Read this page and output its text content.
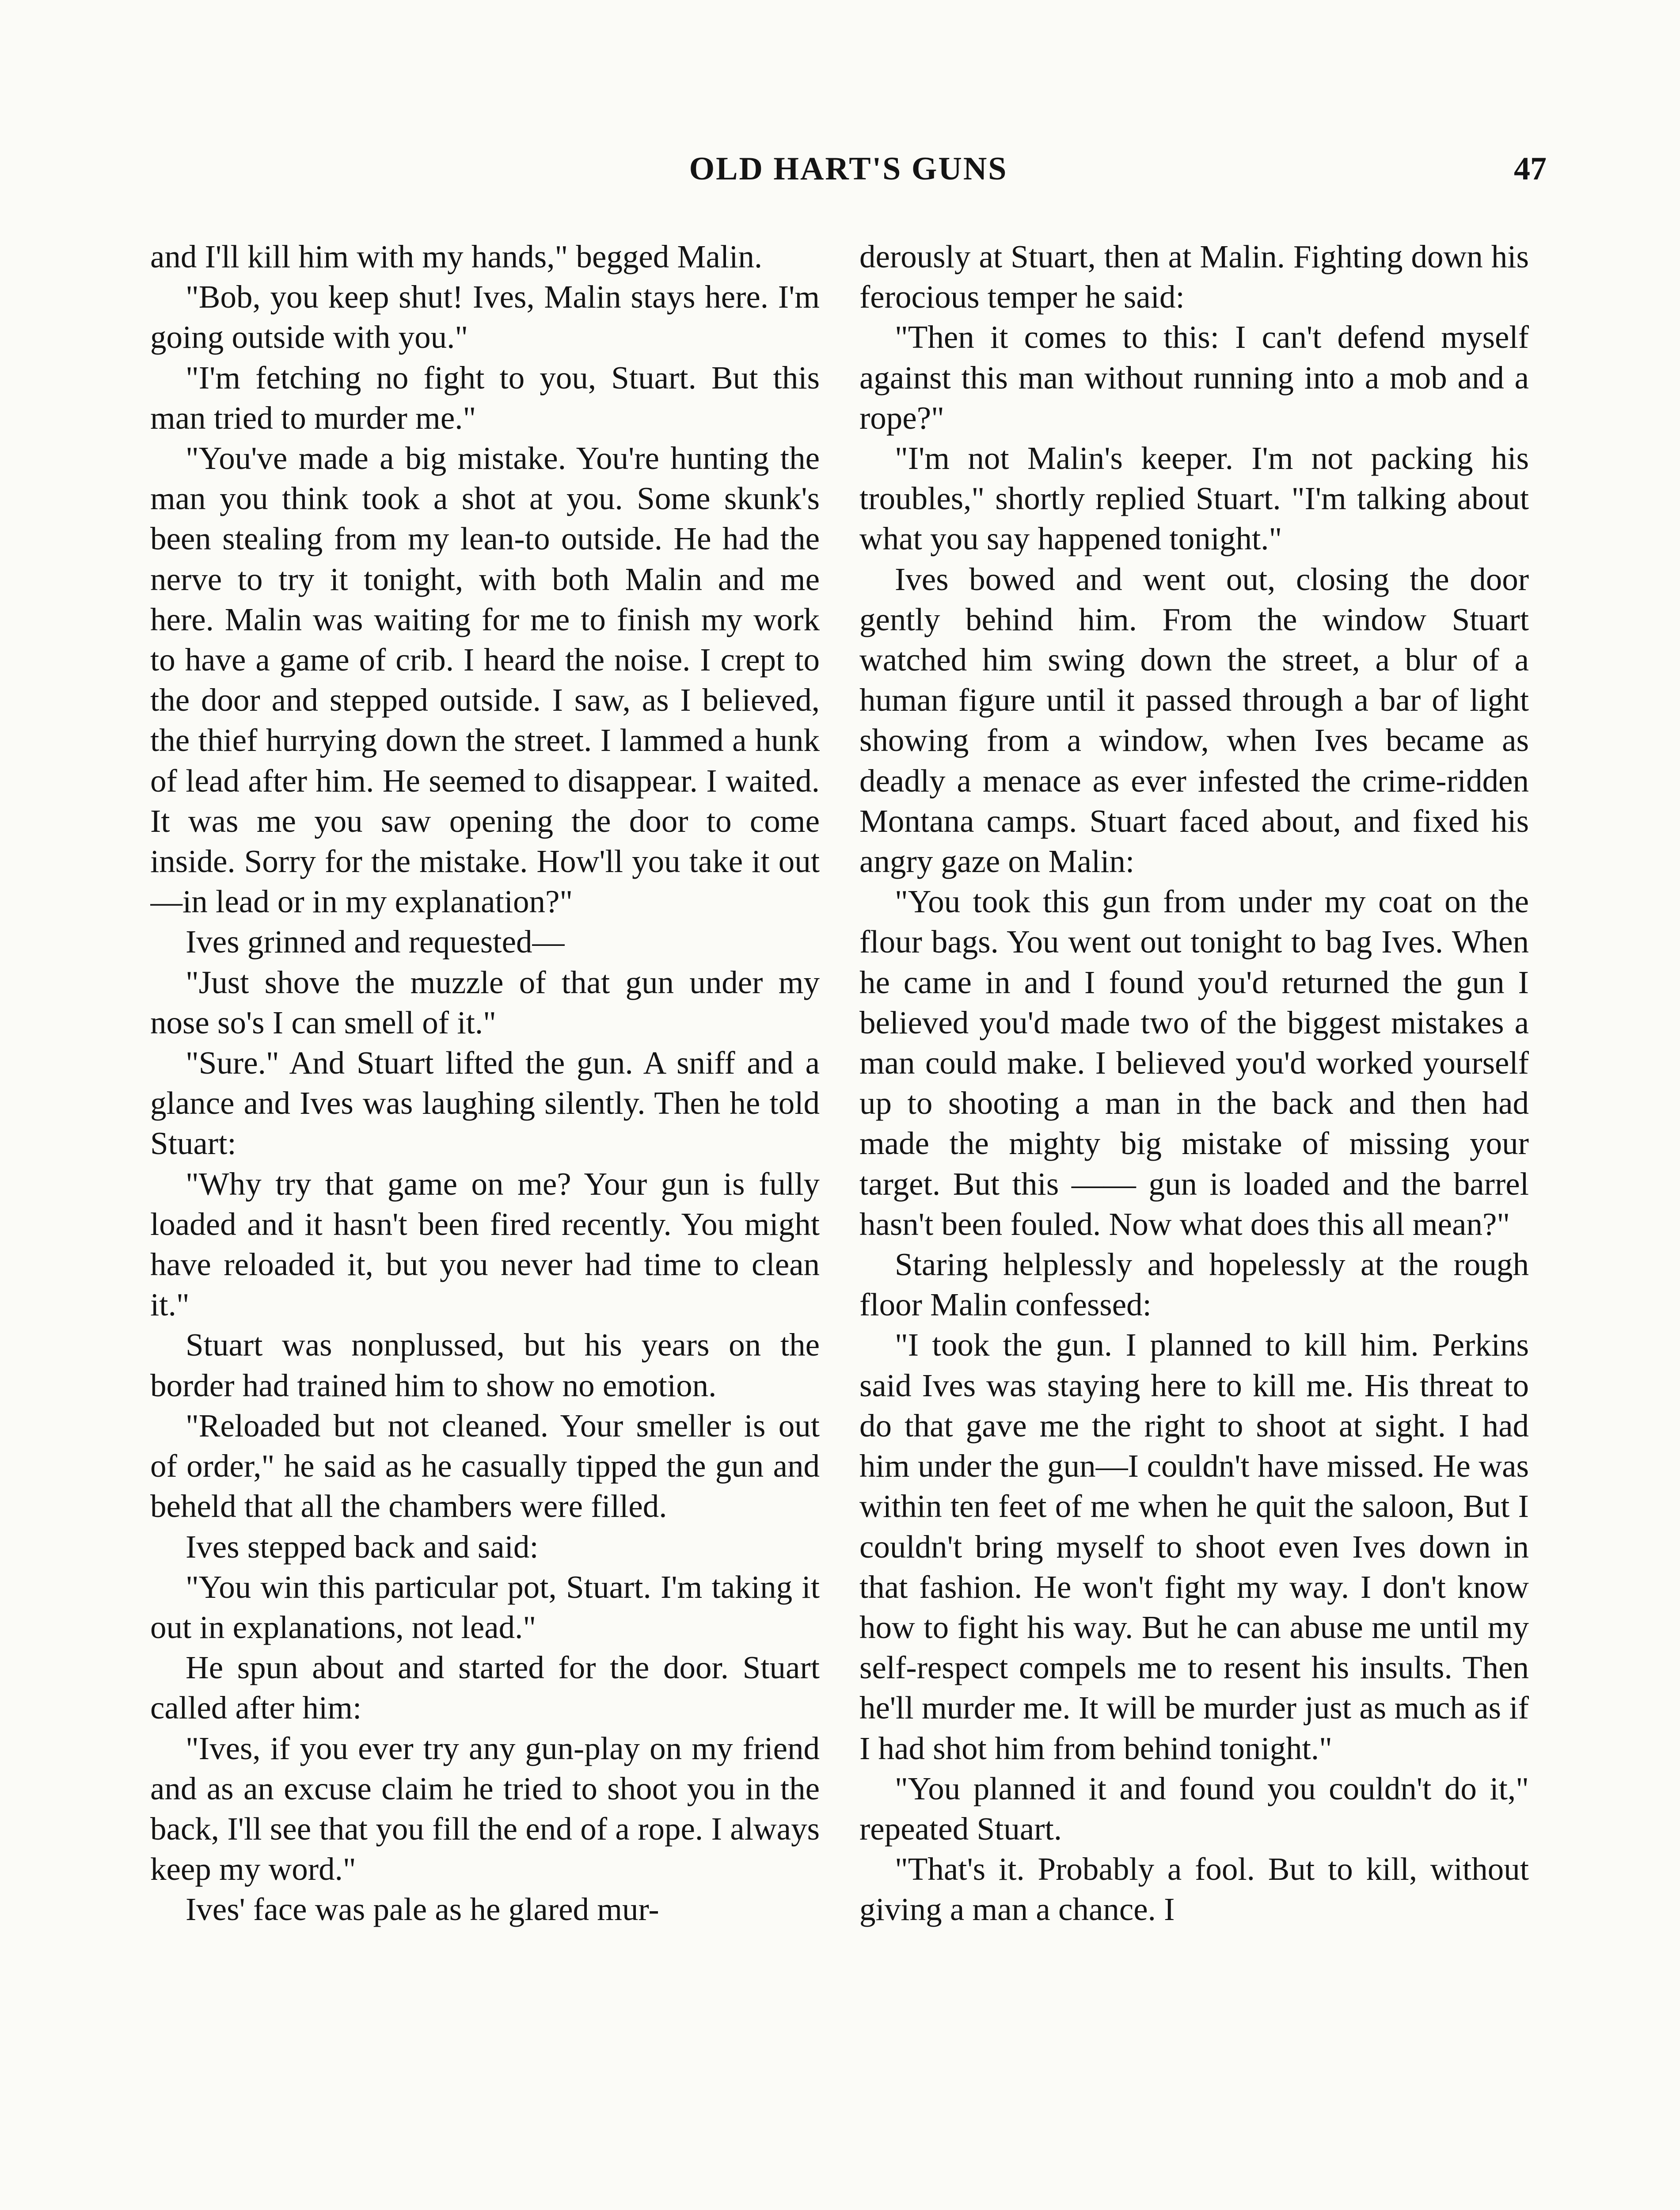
OLD HART'S GUNS	47

and I'll kill him with my hands," begged Malin.

"Bob, you keep shut! Ives, Malin stays here. I'm going outside with you."

"I'm fetching no fight to you, Stuart. But this man tried to murder me."

"You've made a big mistake. You're hunting the man you think took a shot at you. Some skunk's been stealing from my lean-to outside. He had the nerve to try it tonight, with both Malin and me here. Malin was waiting for me to finish my work to have a game of crib. I heard the noise. I crept to the door and stepped outside. I saw, as I believed, the thief hurrying down the street. I lammed a hunk of lead after him. He seemed to disappear. I waited. It was me you saw opening the door to come inside. Sorry for the mistake. How'll you take it out—in lead or in my explanation?"

Ives grinned and requested—

"Just shove the muzzle of that gun under my nose so's I can smell of it."

"Sure." And Stuart lifted the gun. A sniff and a glance and Ives was laughing silently. Then he told Stuart:

"Why try that game on me? Your gun is fully loaded and it hasn't been fired recently. You might have reloaded it, but you never had time to clean it."

Stuart was nonplussed, but his years on the border had trained him to show no emotion.

"Reloaded but not cleaned. Your smeller is out of order," he said as he casually tipped the gun and beheld that all the chambers were filled.

Ives stepped back and said:

"You win this particular pot, Stuart. I'm taking it out in explanations, not lead."

He spun about and started for the door. Stuart called after him:

"Ives, if you ever try any gun-play on my friend and as an excuse claim he tried to shoot you in the back, I'll see that you fill the end of a rope. I always keep my word."

Ives' face was pale as he glared mur-

derously at Stuart, then at Malin. Fighting down his ferocious temper he said:

"Then it comes to this: I can't defend myself against this man without running into a mob and a rope?"

"I'm not Malin's keeper. I'm not packing his troubles," shortly replied Stuart. "I'm talking about what you say happened tonight."

Ives bowed and went out, closing the door gently behind him. From the window Stuart watched him swing down the street, a blur of a human figure until it passed through a bar of light showing from a window, when Ives became as deadly a menace as ever infested the crime-ridden Montana camps. Stuart faced about, and fixed his angry gaze on Malin:

"You took this gun from under my coat on the flour bags. You went out tonight to bag Ives. When he came in and I found you'd returned the gun I believed you'd made two of the biggest mistakes a man could make. I believed you'd worked yourself up to shooting a man in the back and then had made the mighty big mistake of missing your target. But this —— gun is loaded and the barrel hasn't been fouled. Now what does this all mean?"

Staring helplessly and hopelessly at the rough floor Malin confessed:

"I took the gun. I planned to kill him. Perkins said Ives was staying here to kill me. His threat to do that gave me the right to shoot at sight. I had him under the gun—I couldn't have missed. He was within ten feet of me when he quit the saloon, But I couldn't bring myself to shoot even Ives down in that fashion. He won't fight my way. I don't know how to fight his way. But he can abuse me until my self-respect compels me to resent his insults. Then he'll murder me. It will be murder just as much as if I had shot him from behind tonight."

"You planned it and found you couldn't do it," repeated Stuart.

"That's it. Probably a fool. But to kill, without giving a man a chance. I
